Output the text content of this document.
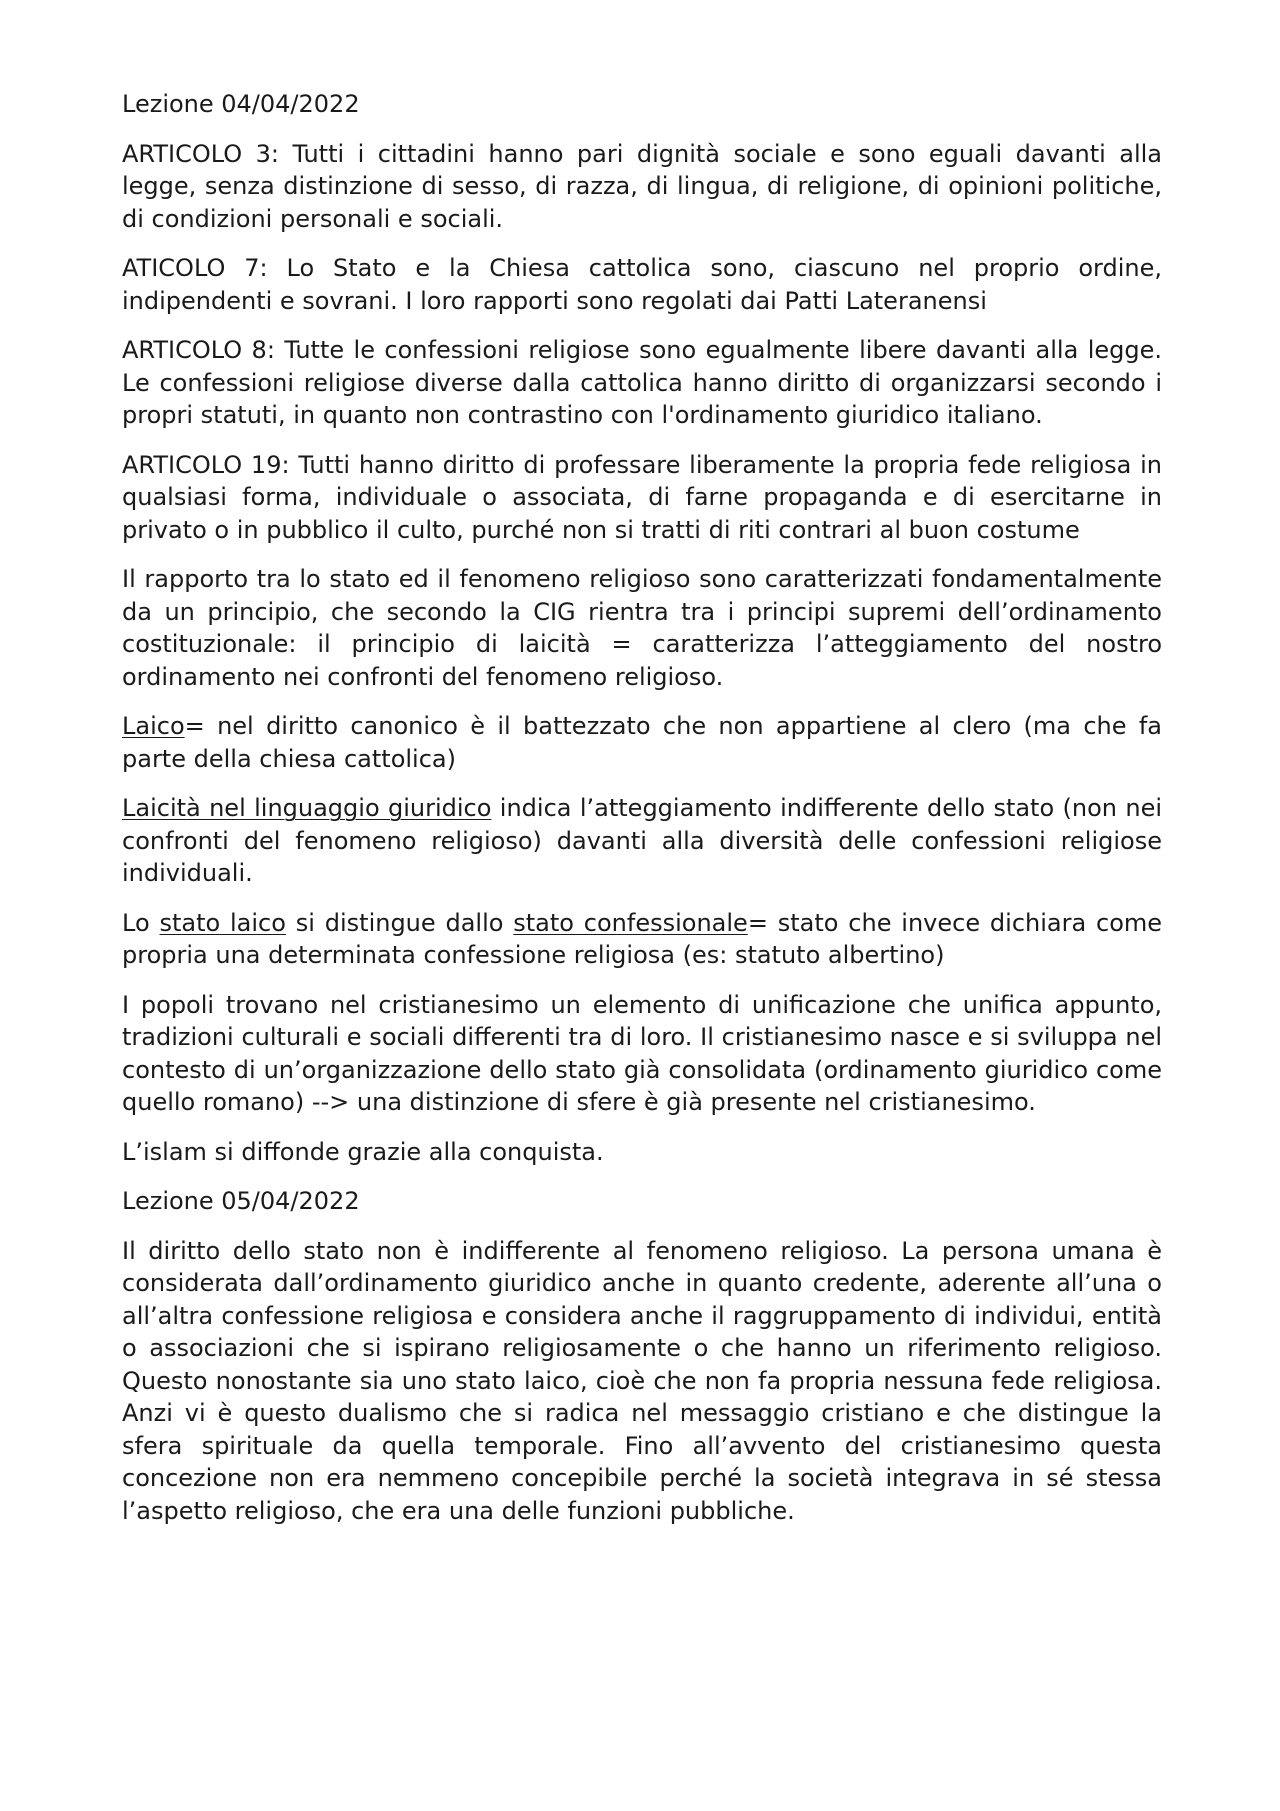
Lezione 04/04/2022

ARTICOLO 3: Tutti i cittadini hanno pari dignità sociale e sono eguali davanti alla legge, senza distinzione di sesso, di razza, di lingua, di religione, di opinioni politiche, di condizioni personali e sociali.

ATICOLO 7: Lo Stato e la Chiesa cattolica sono, ciascuno nel proprio ordine, indipendenti e sovrani. I loro rapporti sono regolati dai Patti Lateranensi

ARTICOLO 8: Tutte le confessioni religiose sono egualmente libere davanti alla legge. Le confessioni religiose diverse dalla cattolica hanno diritto di organizzarsi secondo i propri statuti, in quanto non contrastino con l'ordinamento giuridico italiano.

ARTICOLO 19: Tutti hanno diritto di professare liberamente la propria fede religiosa in qualsiasi forma, individuale o associata, di farne propaganda e di esercitarne in privato o in pubblico il culto, purché non si tratti di riti contrari al buon costume

Il rapporto tra lo stato ed il fenomeno religioso sono caratterizzati fondamentalmente da un principio, che secondo la CIG rientra tra i principi supremi dell’ordinamento costituzionale: il principio di laicità = caratterizza l’atteggiamento del nostro ordinamento nei confronti del fenomeno religioso.

Laico= nel diritto canonico è il battezzato che non appartiene al clero (ma che fa parte della chiesa cattolica)

Laicità nel linguaggio giuridico indica l’atteggiamento indifferente dello stato (non nei confronti del fenomeno religioso) davanti alla diversità delle confessioni religiose individuali.

Lo stato laico si distingue dallo stato confessionale= stato che invece dichiara come propria una determinata confessione religiosa (es: statuto albertino)

I popoli trovano nel cristianesimo un elemento di unificazione che unifica appunto, tradizioni culturali e sociali differenti tra di loro. Il cristianesimo nasce e si sviluppa nel contesto di un’organizzazione dello stato già consolidata (ordinamento giuridico come quello romano) --> una distinzione di sfere è già presente nel cristianesimo.

L’islam si diffonde grazie alla conquista.

Lezione 05/04/2022

Il diritto dello stato non è indifferente al fenomeno religioso. La persona umana è considerata dall’ordinamento giuridico anche in quanto credente, aderente all’una o all’altra confessione religiosa e considera anche il raggruppamento di individui, entità o associazioni che si ispirano religiosamente o che hanno un riferimento religioso. Questo nonostante sia uno stato laico, cioè che non fa propria nessuna fede religiosa. Anzi vi è questo dualismo che si radica nel messaggio cristiano e che distingue la sfera spirituale da quella temporale. Fino all’avvento del cristianesimo questa concezione non era nemmeno concepibile perché la società integrava in sé stessa l’aspetto religioso, che era una delle funzioni pubbliche.
